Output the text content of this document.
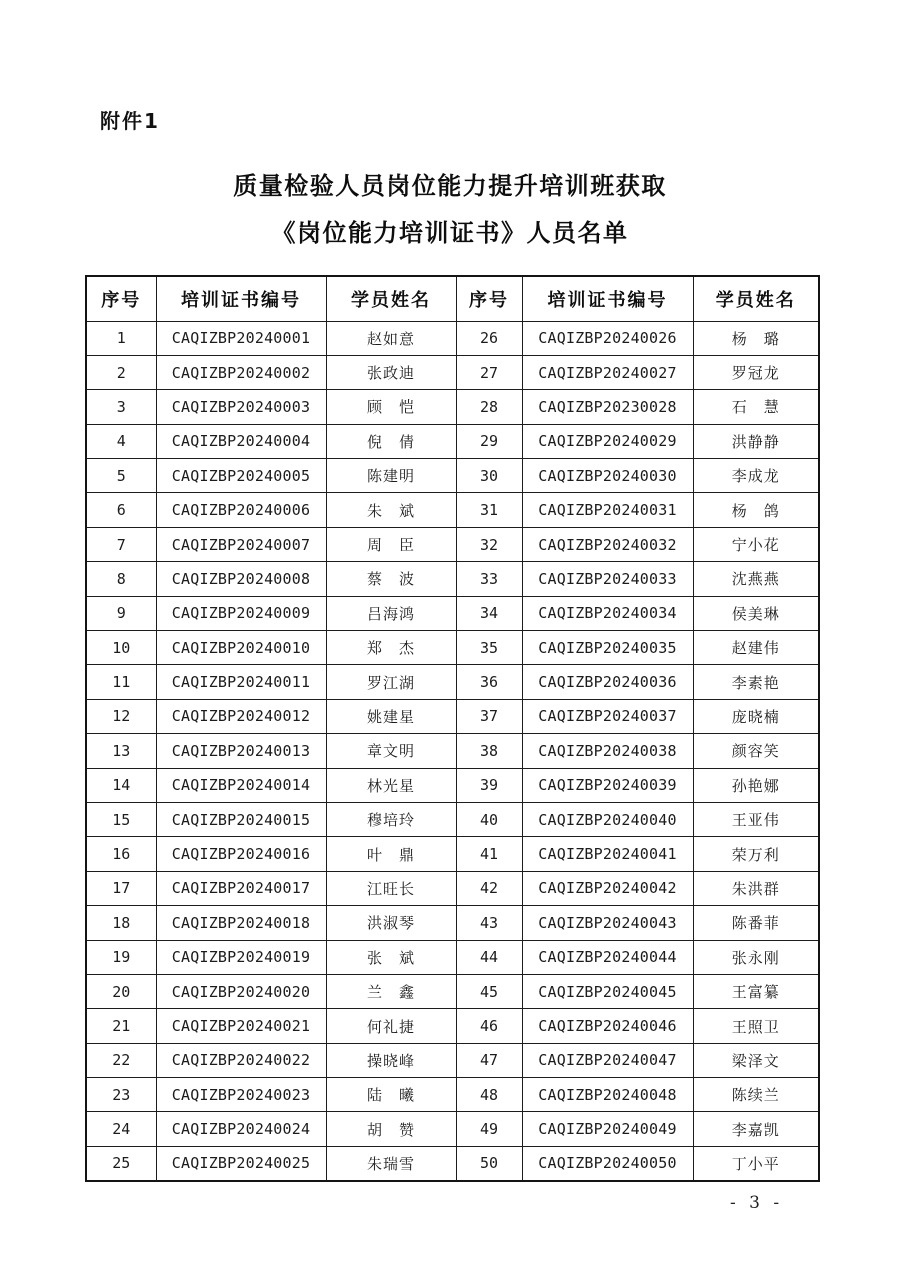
附件1
质量检验人员岗位能力提升培训班获取
《岗位能力培训证书》人员名单
序号	培训证书编号	学员姓名	序号	培训证书编号	学员姓名
1	CAQIZBP20240001	赵如意	26	CAQIZBP20240026	杨　璐
2	CAQIZBP20240002	张政迪	27	CAQIZBP20240027	罗冠龙
3	CAQIZBP20240003	顾　恺	28	CAQIZBP20230028	石　慧
4	CAQIZBP20240004	倪　倩	29	CAQIZBP20240029	洪静静
5	CAQIZBP20240005	陈建明	30	CAQIZBP20240030	李成龙
6	CAQIZBP20240006	朱　斌	31	CAQIZBP20240031	杨　鸽
7	CAQIZBP20240007	周　臣	32	CAQIZBP20240032	宁小花
8	CAQIZBP20240008	蔡　波	33	CAQIZBP20240033	沈燕燕
9	CAQIZBP20240009	吕海鸿	34	CAQIZBP20240034	侯美琳
10	CAQIZBP20240010	郑　杰	35	CAQIZBP20240035	赵建伟
11	CAQIZBP20240011	罗江湖	36	CAQIZBP20240036	李素艳
12	CAQIZBP20240012	姚建星	37	CAQIZBP20240037	庞晓楠
13	CAQIZBP20240013	章文明	38	CAQIZBP20240038	颜容笑
14	CAQIZBP20240014	林光星	39	CAQIZBP20240039	孙艳娜
15	CAQIZBP20240015	穆培玲	40	CAQIZBP20240040	王亚伟
16	CAQIZBP20240016	叶　鼎	41	CAQIZBP20240041	荣万利
17	CAQIZBP20240017	江旺长	42	CAQIZBP20240042	朱洪群
18	CAQIZBP20240018	洪淑琴	43	CAQIZBP20240043	陈番菲
19	CAQIZBP20240019	张　斌	44	CAQIZBP20240044	张永刚
20	CAQIZBP20240020	兰　鑫	45	CAQIZBP20240045	王富纂
21	CAQIZBP20240021	何礼捷	46	CAQIZBP20240046	王照卫
22	CAQIZBP20240022	操晓峰	47	CAQIZBP20240047	梁泽文
23	CAQIZBP20240023	陆　曦	48	CAQIZBP20240048	陈续兰
24	CAQIZBP20240024	胡　赞	49	CAQIZBP20240049	李嘉凯
25	CAQIZBP20240025	朱瑞雪	50	CAQIZBP20240050	丁小平
- 3 -
